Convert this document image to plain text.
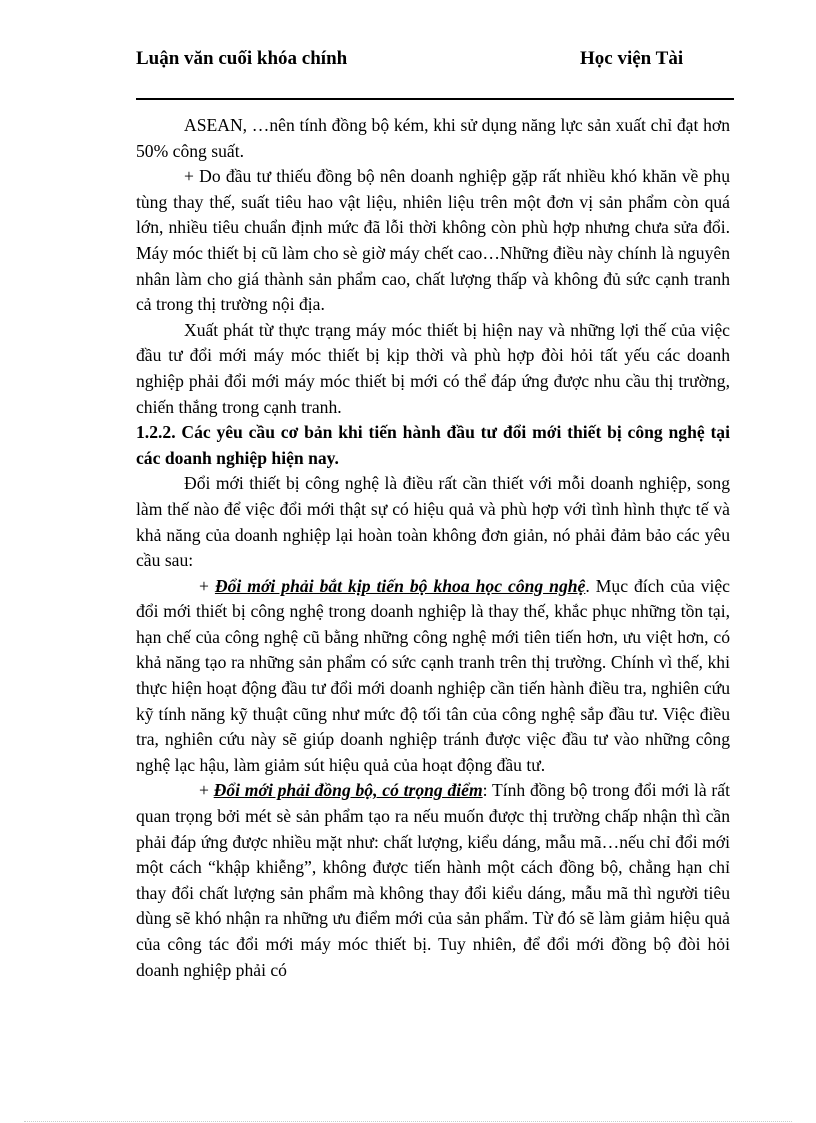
Luận văn cuối khóa chính	Học viện Tài

ASEAN, …nên tính đồng bộ kém, khi sử dụng năng lực sản xuất chỉ đạt hơn 50% công suất.

+ Do đầu tư thiếu đồng bộ nên doanh nghiệp gặp rất nhiều khó khăn về phụ tùng thay thế, suất tiêu hao vật liệu, nhiên liệu trên một đơn vị sản phẩm còn quá lớn, nhiều tiêu chuẩn định mức đã lỗi thời không còn phù hợp nhưng chưa sửa đổi. Máy móc thiết bị cũ làm cho sè giờ máy chết cao…Những điều này chính là nguyên nhân làm cho giá thành sản phẩm cao, chất lượng thấp và không đủ sức cạnh tranh cả trong thị trường nội địa.

Xuất phát từ thực trạng máy móc thiết bị hiện nay và những lợi thế của việc đầu tư đổi mới máy móc thiết bị kịp thời và phù hợp đòi hỏi tất yếu các doanh nghiệp phải đổi mới máy móc thiết bị mới có thể đáp ứng được nhu cầu thị trường, chiến thắng trong cạnh tranh.

1.2.2. Các yêu cầu cơ bản khi tiến hành đầu tư đổi mới thiết bị công nghệ tại các doanh nghiệp hiện nay.

Đổi mới thiết bị công nghệ là điều rất cần thiết với mỗi doanh nghiệp, song làm thế nào để việc đổi mới thật sự có hiệu quả và phù hợp với tình hình thực tế và khả năng của doanh nghiệp lại hoàn toàn không đơn giản, nó phải đảm bảo các yêu cầu sau:

+ Đổi mới phải bắt kịp tiến bộ khoa học công nghệ. Mục đích của việc đổi mới thiết bị công nghệ trong doanh nghiệp là thay thế, khắc phục những tồn tại, hạn chế của công nghệ cũ bằng những công nghệ mới tiên tiến hơn, ưu việt hơn, có khả năng tạo ra những sản phẩm có sức cạnh tranh trên thị trường. Chính vì thế, khi thực hiện hoạt động đầu tư đổi mới doanh nghiệp cần tiến hành điều tra, nghiên cứu kỹ tính năng kỹ thuật cũng như mức độ tối tân của công nghệ sắp đầu tư. Việc điều tra, nghiên cứu này sẽ giúp doanh nghiệp tránh được việc đầu tư vào những công nghệ lạc hậu, làm giảm sút hiệu quả của hoạt động đầu tư.

+ Đổi mới phải đồng bộ, có trọng điểm: Tính đồng bộ trong đổi mới là rất quan trọng bởi mét sè sản phẩm tạo ra nếu muốn được thị trường chấp nhận thì cần phải đáp ứng được nhiều mặt như: chất lượng, kiểu dáng, mẫu mã…nếu chỉ đổi mới một cách “khập khiễng”, không được tiến hành một cách đồng bộ, chẳng hạn chỉ thay đổi chất lượng sản phẩm mà không thay đổi kiểu dáng, mẫu mã thì người tiêu dùng sẽ khó nhận ra những ưu điểm mới của sản phẩm. Từ đó sẽ làm giảm hiệu quả của công tác đổi mới máy móc thiết bị. Tuy nhiên, để đổi mới đồng bộ đòi hỏi doanh nghiệp phải có
